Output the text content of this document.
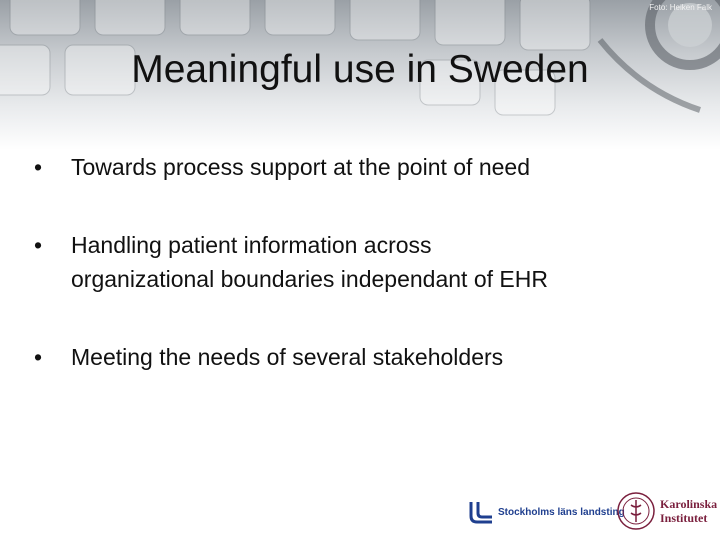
Foto: Heiken Falk
Meaningful use in Sweden
•	Towards process support at the point of need
•	Handling patient information across
organizational boundaries independant of EHR
•	Meeting the needs of several stakeholders
Stockholms läns landsting
Karolinska
Institutet
